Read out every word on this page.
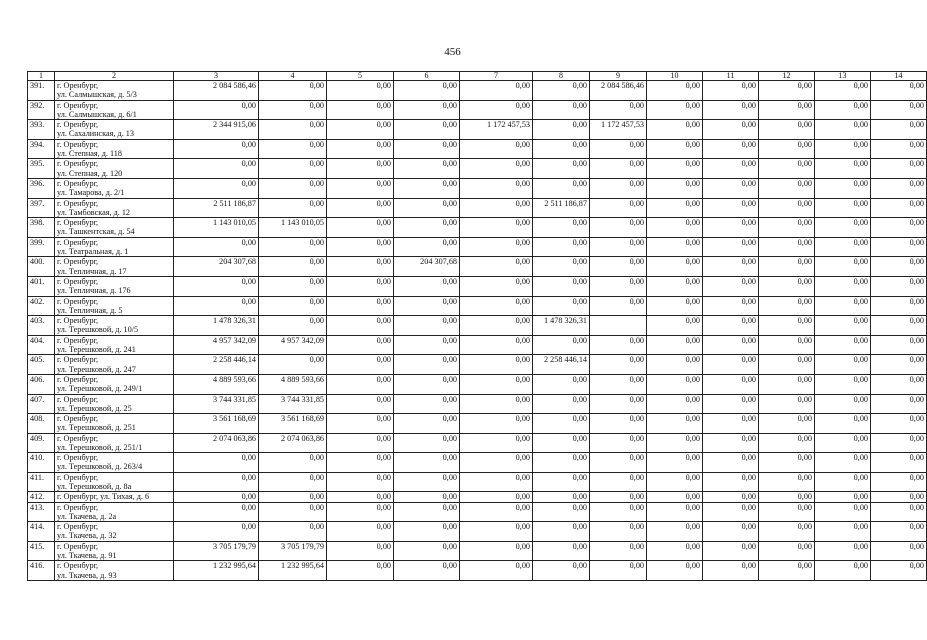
456
1	2	3	4	5	6	7	8	9	10	11	12	13	14
391.	г. Оренбург,
ул. Салмышская, д. 5/3	2 084 586,46	0,00	0,00	0,00	0,00	0,00	2 084 586,46	0,00	0,00	0,00	0,00	0,00
392.	г. Оренбург,
ул. Салмышская, д. 6/1	0,00	0,00	0,00	0,00	0,00	0,00	0,00	0,00	0,00	0,00	0,00	0,00
393.	г. Оренбург,
ул. Сахалинская, д. 13	2 344 915,06	0,00	0,00	0,00	1 172 457,53	0,00	1 172 457,53	0,00	0,00	0,00	0,00	0,00
394.	г. Оренбург,
ул. Степная, д. 118	0,00	0,00	0,00	0,00	0,00	0,00	0,00	0,00	0,00	0,00	0,00	0,00
395.	г. Оренбург,
ул. Степная, д. 120	0,00	0,00	0,00	0,00	0,00	0,00	0,00	0,00	0,00	0,00	0,00	0,00
396.	г. Оренбург,
ул. Тамарова, д. 2/1	0,00	0,00	0,00	0,00	0,00	0,00	0,00	0,00	0,00	0,00	0,00	0,00
397.	г. Оренбург,
ул. Тамбовская, д. 12	2 511 186,87	0,00	0,00	0,00	0,00	2 511 186,87	0,00	0,00	0,00	0,00	0,00	0,00
398.	г. Оренбург,
ул. Ташкентская, д. 54	1 143 010,05	1 143 010,05	0,00	0,00	0,00	0,00	0,00	0,00	0,00	0,00	0,00	0,00
399.	г. Оренбург,
ул. Театральная, д. 1	0,00	0,00	0,00	0,00	0,00	0,00	0,00	0,00	0,00	0,00	0,00	0,00
400.	г. Оренбург,
ул. Тепличная, д. 17	204 307,68	0,00	0,00	204 307,68	0,00	0,00	0,00	0,00	0,00	0,00	0,00	0,00
401.	г. Оренбург,
ул. Тепличная, д. 176	0,00	0,00	0,00	0,00	0,00	0,00	0,00	0,00	0,00	0,00	0,00	0,00
402.	г. Оренбург,
ул. Тепличная, д. 5	0,00	0,00	0,00	0,00	0,00	0,00	0,00	0,00	0,00	0,00	0,00	0,00
403.	г. Оренбург,
ул. Терешковой, д. 10/5	1 478 326,31	0,00	0,00	0,00	0,00	1 478 326,31		0,00	0,00	0,00	0,00	0,00
404.	г. Оренбург,
ул. Терешковой, д. 241	4 957 342,09	4 957 342,09	0,00	0,00	0,00	0,00	0,00	0,00	0,00	0,00	0,00	0,00
405.	г. Оренбург,
ул. Терешковой, д. 247	2 258 446,14	0,00	0,00	0,00	0,00	2 258 446,14	0,00	0,00	0,00	0,00	0,00	0,00
406.	г. Оренбург,
ул. Терешковой, д. 249/1	4 889 593,66	4 889 593,66	0,00	0,00	0,00	0,00	0,00	0,00	0,00	0,00	0,00	0,00
407.	г. Оренбург,
ул. Терешковой, д. 25	3 744 331,85	3 744 331,85	0,00	0,00	0,00	0,00	0,00	0,00	0,00	0,00	0,00	0,00
408.	г. Оренбург,
ул. Терешковой, д. 251	3 561 168,69	3 561 168,69	0,00	0,00	0,00	0,00	0,00	0,00	0,00	0,00	0,00	0,00
409.	г. Оренбург,
ул. Терешковой, д. 251/1	2 074 063,86	2 074 063,86	0,00	0,00	0,00	0,00	0,00	0,00	0,00	0,00	0,00	0,00
410.	г. Оренбург,
ул. Терешковой, д. 263/4	0,00	0,00	0,00	0,00	0,00	0,00	0,00	0,00	0,00	0,00	0,00	0,00
411.	г. Оренбург,
ул. Терешковой, д. 8а	0,00	0,00	0,00	0,00	0,00	0,00	0,00	0,00	0,00	0,00	0,00	0,00
412.	г. Оренбург, ул. Тихая, д. 6	0,00	0,00	0,00	0,00	0,00	0,00	0,00	0,00	0,00	0,00	0,00	0,00
413.	г. Оренбург,
ул. Ткачева, д. 2а	0,00	0,00	0,00	0,00	0,00	0,00	0,00	0,00	0,00	0,00	0,00	0,00
414.	г. Оренбург,
ул. Ткачева, д. 32	0,00	0,00	0,00	0,00	0,00	0,00	0,00	0,00	0,00	0,00	0,00	0,00
415.	г. Оренбург,
ул. Ткачева, д. 91	3 705 179,79	3 705 179,79	0,00	0,00	0,00	0,00	0,00	0,00	0,00	0,00	0,00	0,00
416.	г. Оренбург,
ул. Ткачева, д. 93	1 232 995,64	1 232 995,64	0,00	0,00	0,00	0,00	0,00	0,00	0,00	0,00	0,00	0,00
